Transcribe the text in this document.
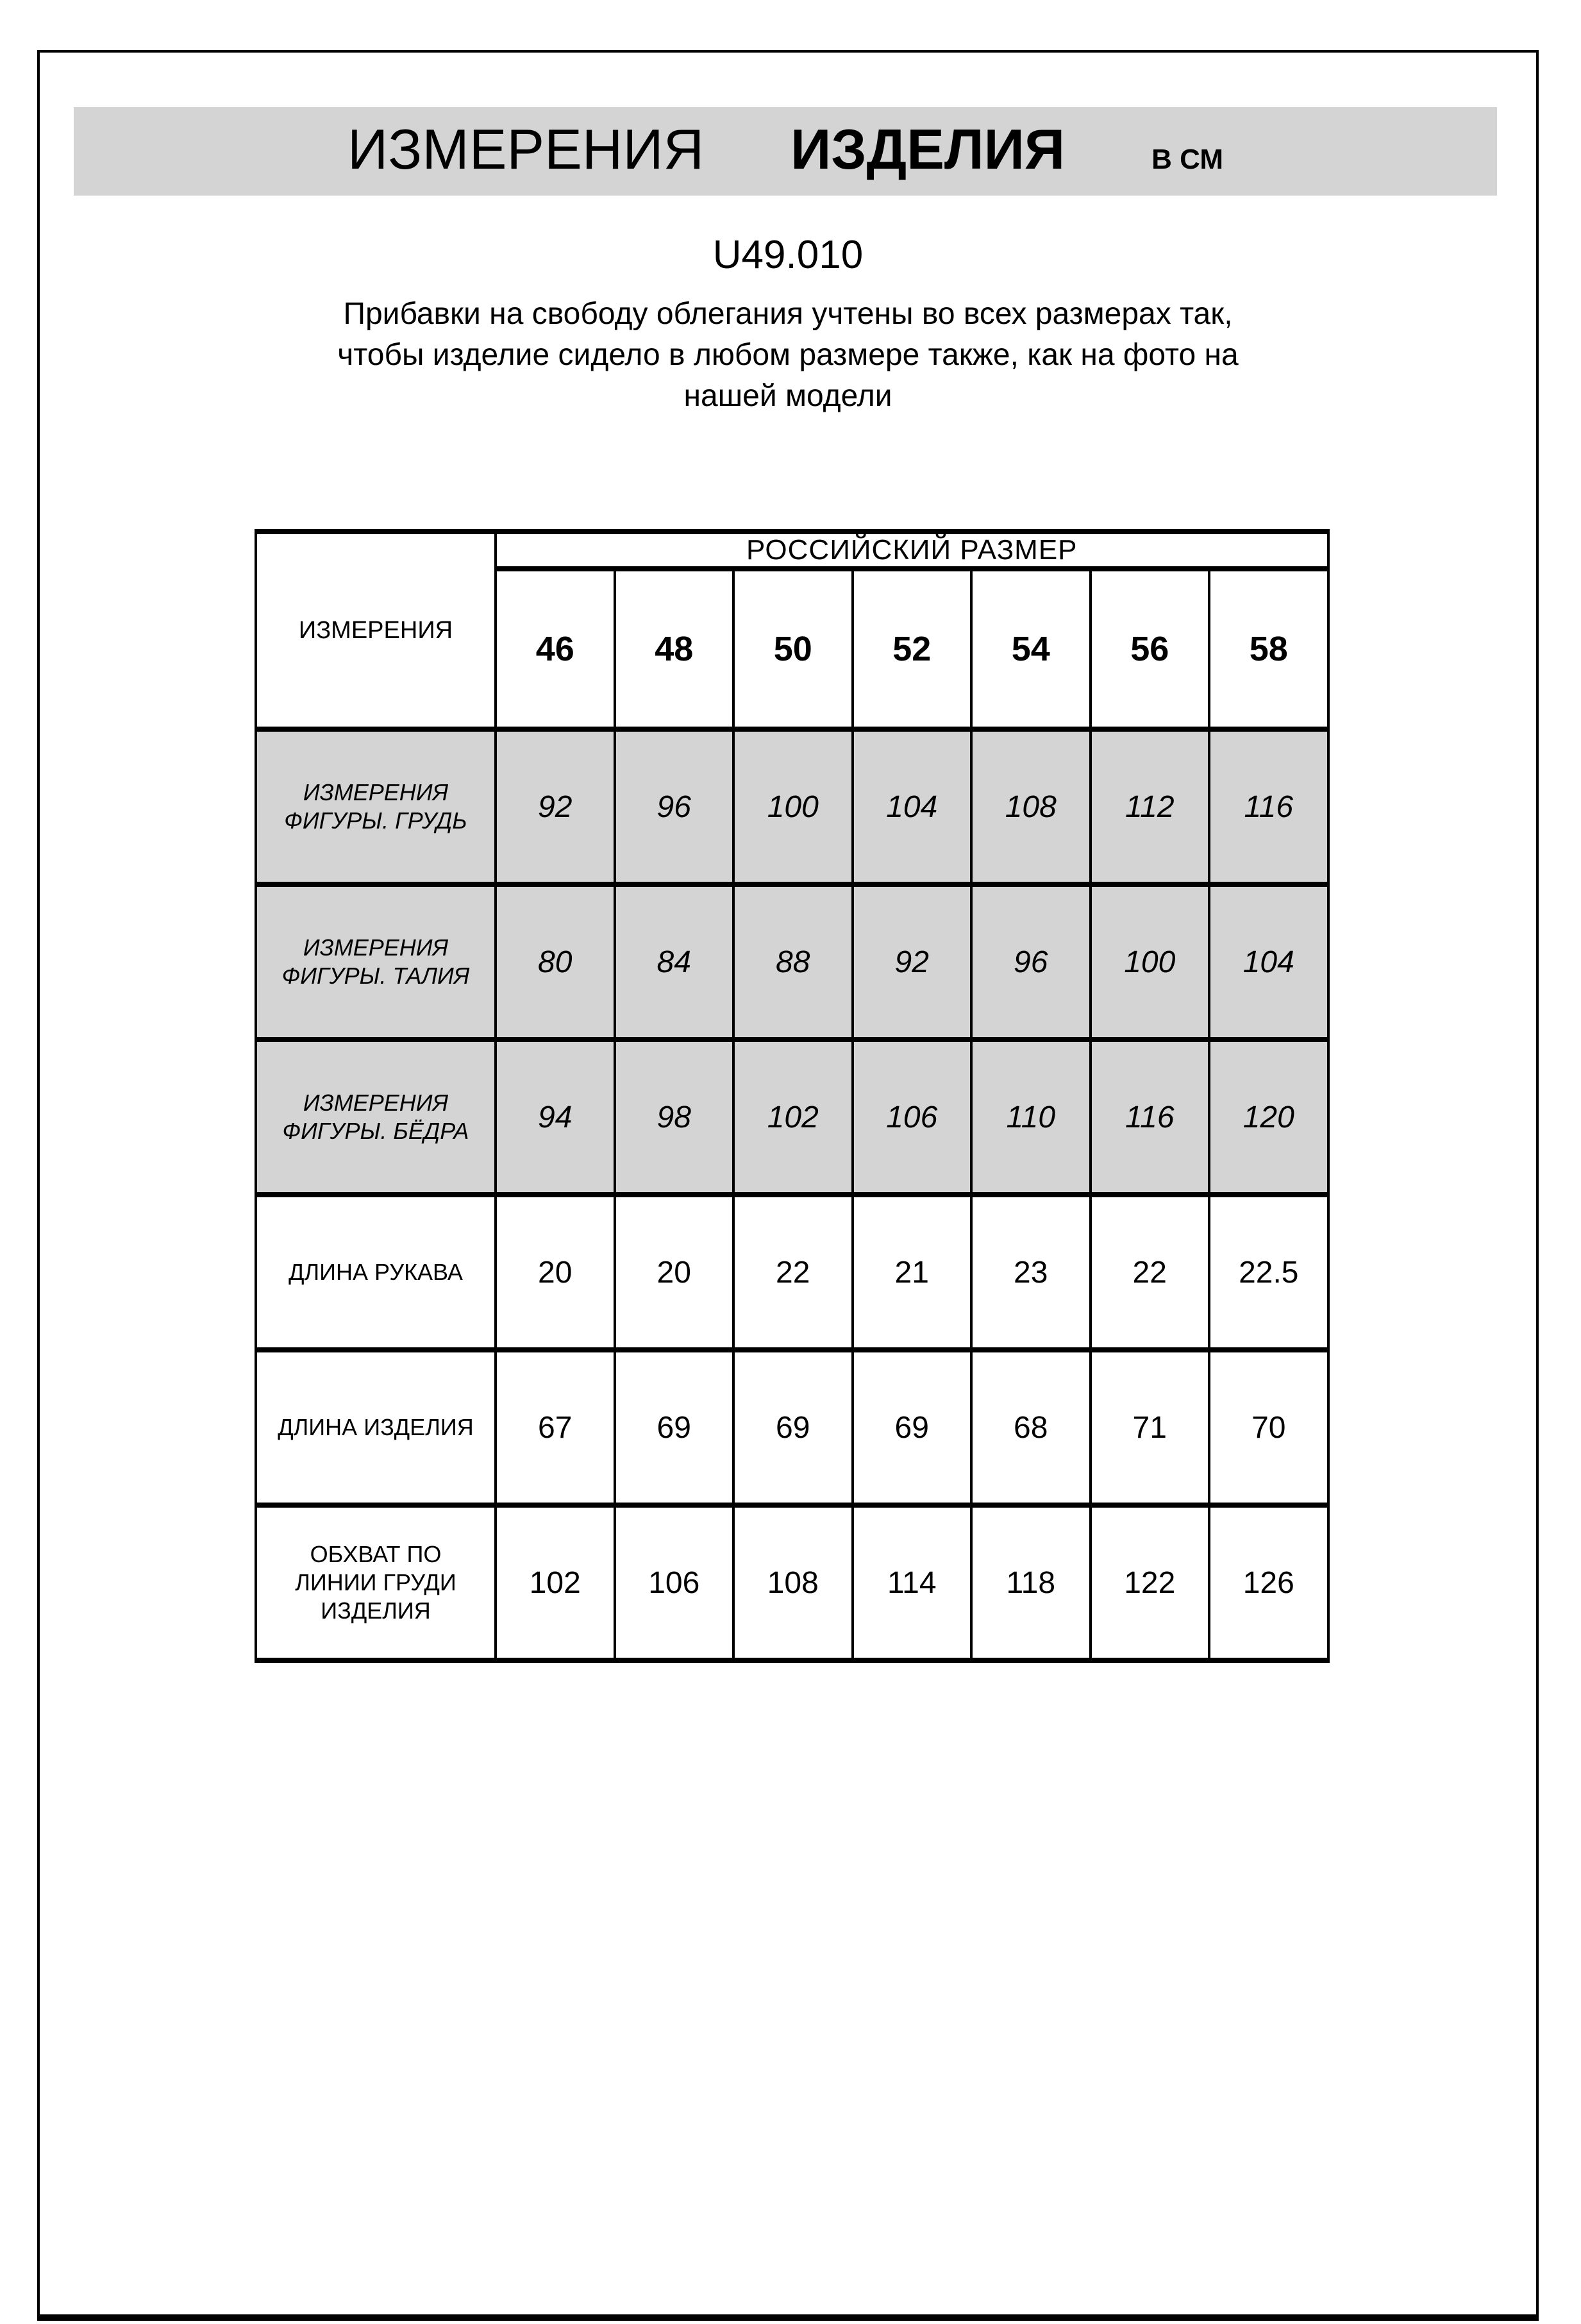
ИЗМЕРЕНИЯ ИЗДЕЛИЯ	В СМ
U49.010
Прибавки на свободу облегания учтены во всех размерах так,
чтобы изделие сидело в любом размере также, как на фото на
нашей модели
ИЗМЕРЕНИЯ	РОССИЙСКИЙ РАЗМЕР						
	46	48	50	52	54	56	58

ИЗМЕРЕНИЯ ФИГУРЫ. ГРУДЬ	92	96	100	104	108	112	116

ИЗМЕРЕНИЯ ФИГУРЫ. ТАЛИЯ	80	84	88	92	96	100	104

ИЗМЕРЕНИЯ ФИГУРЫ. БЁДРА	94	98	102	106	110	116	120

ДЛИНА РУКАВА	20	20	22	21	23	22	22.5

ДЛИНА ИЗДЕЛИЯ	67	69	69	69	68	71	70

ОБХВАТ ПО ЛИНИИ ГРУДИ ИЗДЕЛИЯ	102	106	108	114	118	122	126
